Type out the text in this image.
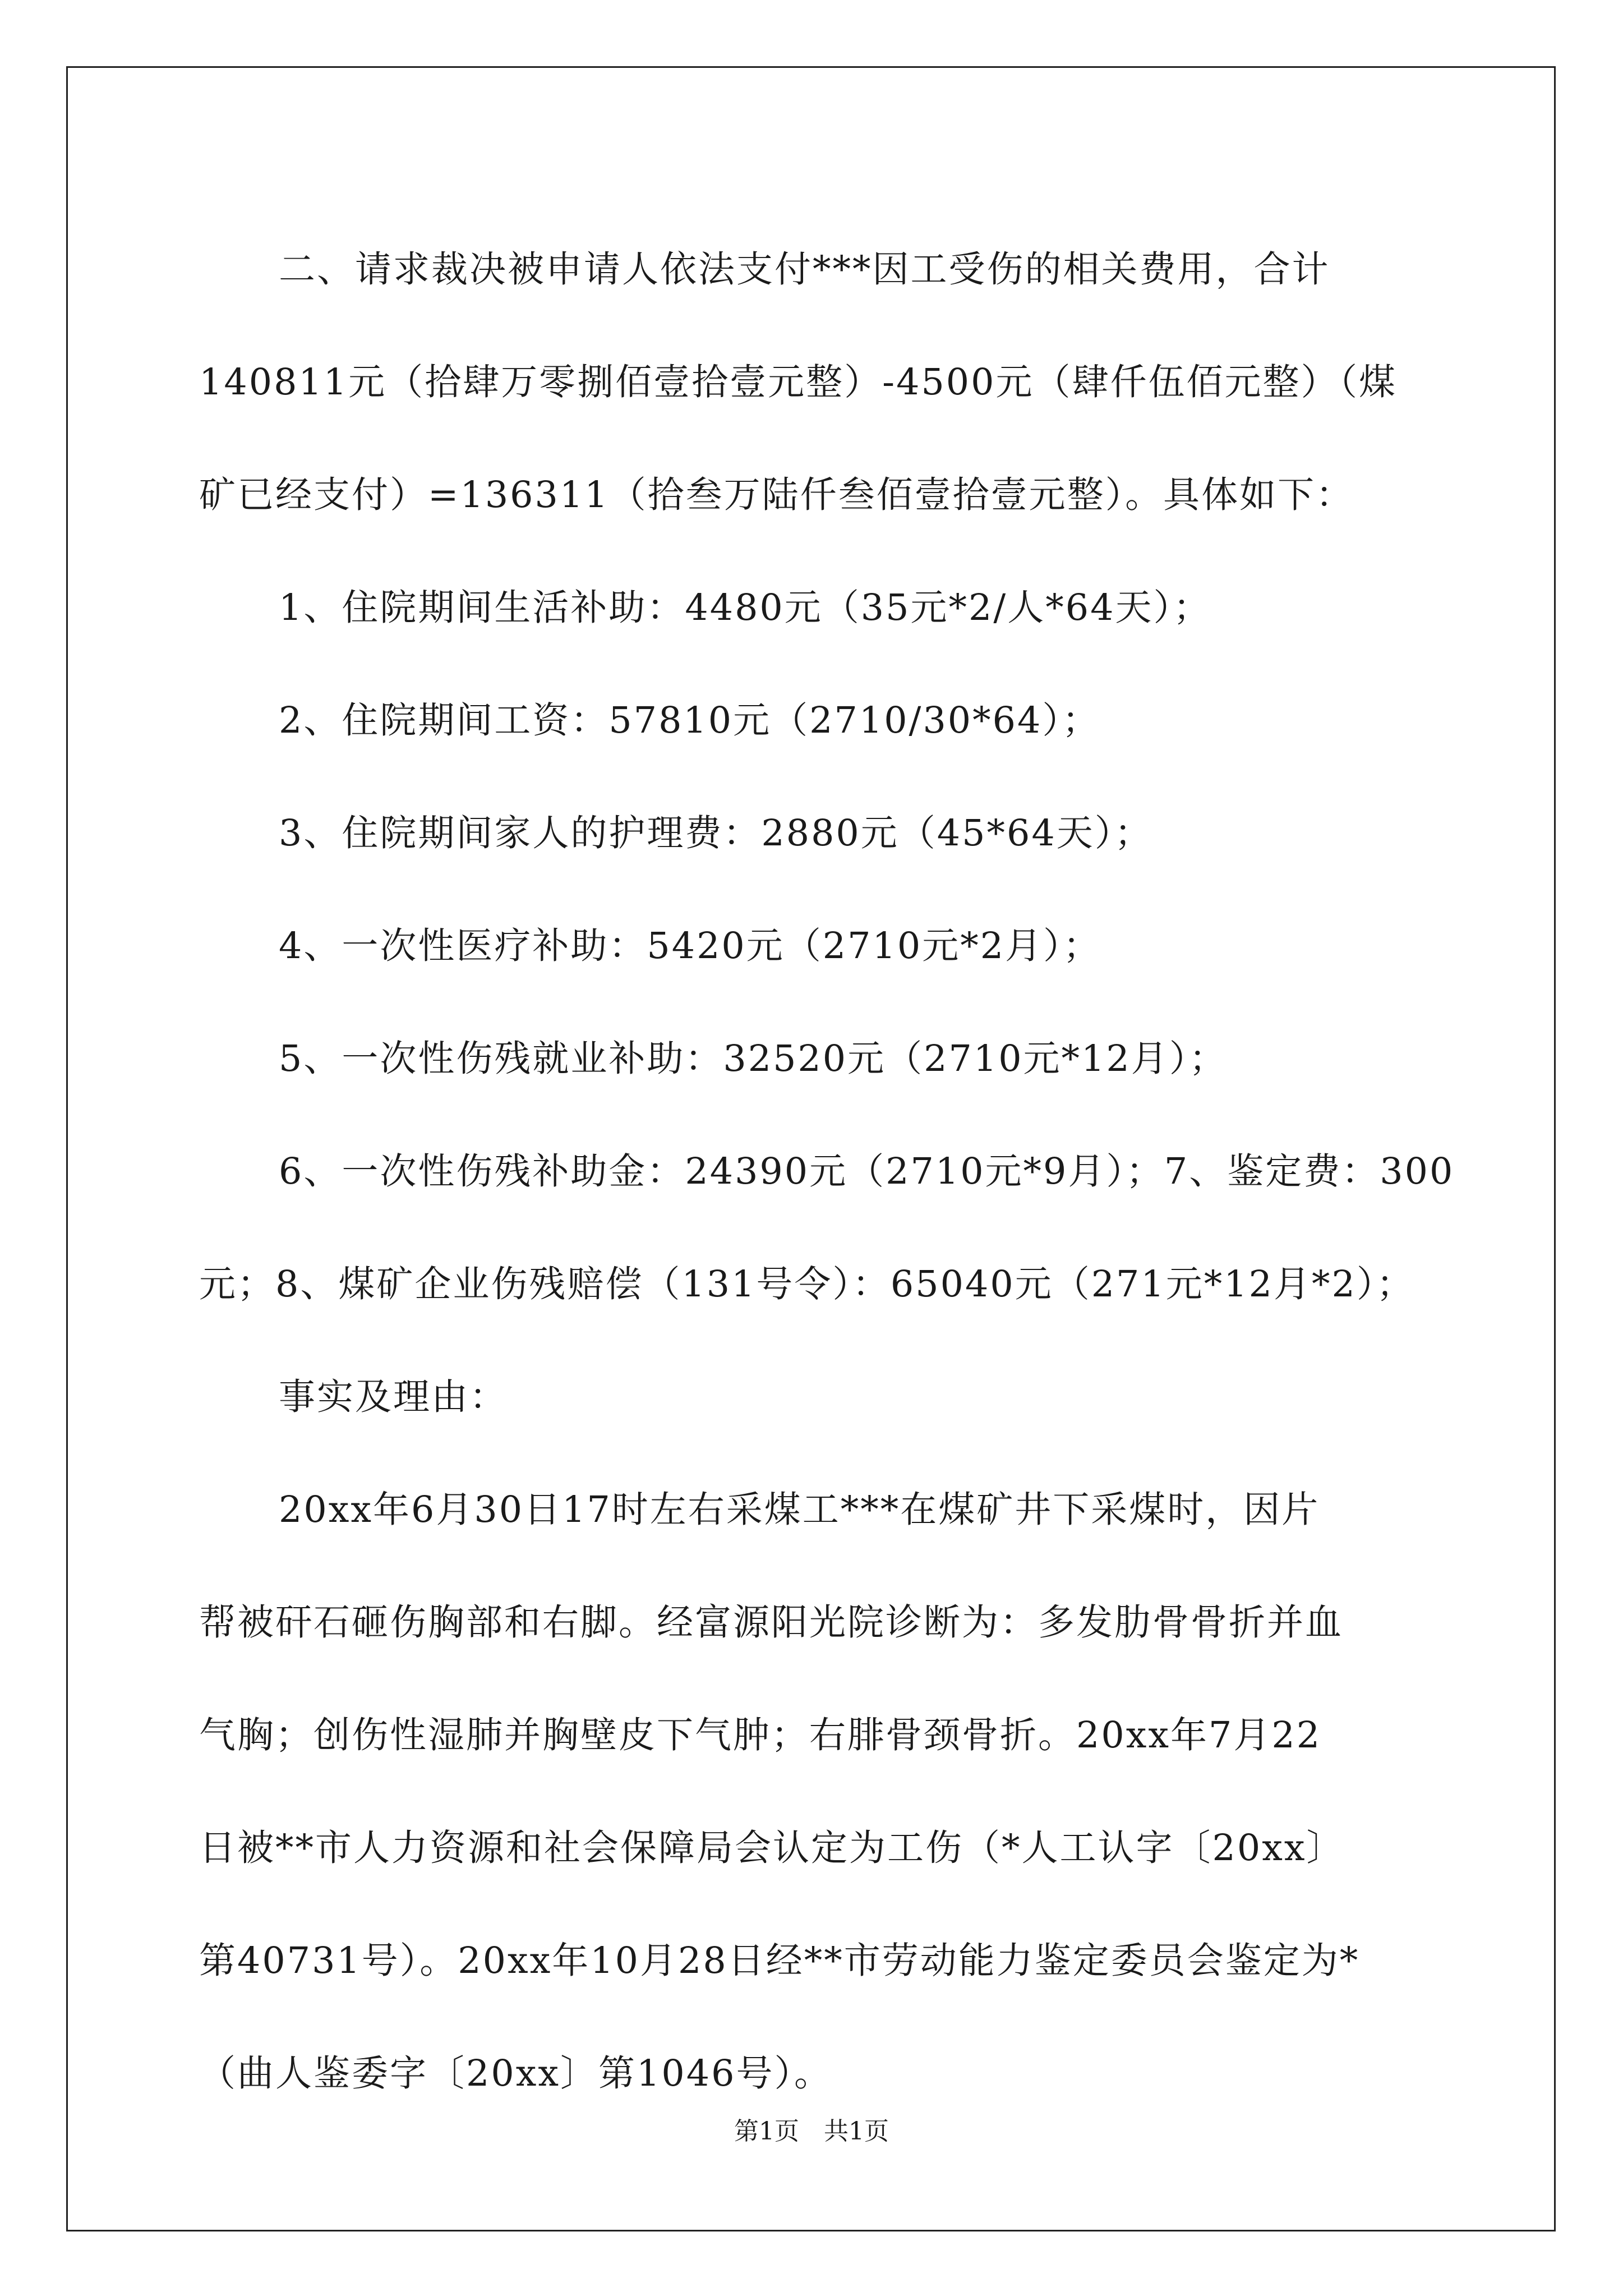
二、请求裁决被申请人依法支付***因工受伤的相关费用，合计
140811元（拾肆万零捌佰壹拾壹元整）-4500元（肆仟伍佰元整）（煤
矿已经支付）=136311（拾叁万陆仟叁佰壹拾壹元整）。具体如下：
1、住院期间生活补助：4480元（35元*2/人*64天）；
2、住院期间工资：57810元（2710/30*64）；
3、住院期间家人的护理费：2880元（45*64天）；
4、一次性医疗补助：5420元（2710元*2月）；
5、一次性伤残就业补助：32520元（2710元*12月）；
6、一次性伤残补助金：24390元（2710元*9月）；7、鉴定费：300
元；8、煤矿企业伤残赔偿（131号令）：65040元（271元*12月*2）；
事实及理由：
20xx年6月30日17时左右采煤工***在煤矿井下采煤时，因片
帮被矸石砸伤胸部和右脚。经富源阳光院诊断为：多发肋骨骨折并血
气胸；创伤性湿肺并胸壁皮下气肿；右腓骨颈骨折。20xx年7月22
日被**市人力资源和社会保障局会认定为工伤（*人工认字〔20xx〕
第40731号）。20xx年10月28日经**市劳动能力鉴定委员会鉴定为*
（曲人鉴委字〔20xx〕第1046号）。
第1页　共1页
